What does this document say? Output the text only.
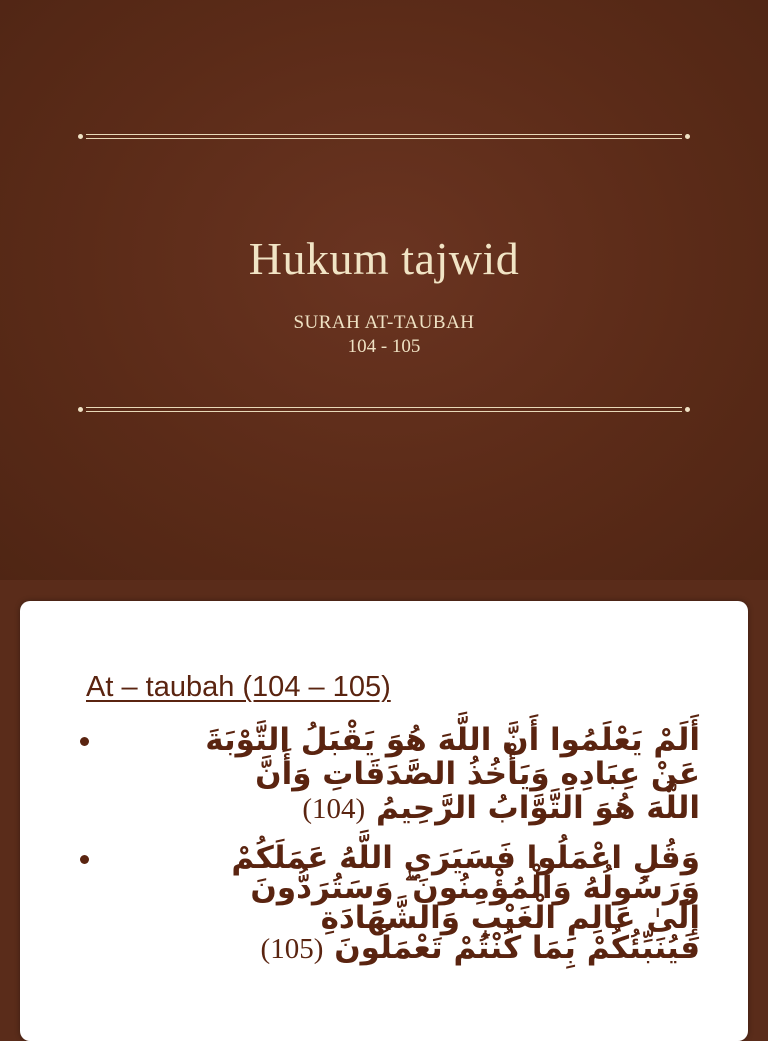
Hukum tajwid
SURAH AT-TAUBAH
104 - 105
At – taubah (104 – 105)
أَلَمْ يَعْلَمُوا أَنَّ اللَّهَ هُوَ يَقْبَلُ التَّوْبَةَ
عَنْ عِبَادِهِ وَيَأْخُذُ الصَّدَقَاتِ وَأَنَّ
اللَّهَ هُوَ التَّوَّابُ الرَّحِيمُ (104)
وَقُلِ اعْمَلُوا فَسَيَرَى اللَّهُ عَمَلَكُمْ
وَرَسُولُهُ وَالْمُؤْمِنُونَ ۖ وَسَتُرَدُّونَ
إِلَىٰ عَالِمِ الْغَيْبِ وَالشَّهَادَةِ
فَيُنَبِّئُكُمْ بِمَا كُنْتُمْ تَعْمَلُونَ (105)
